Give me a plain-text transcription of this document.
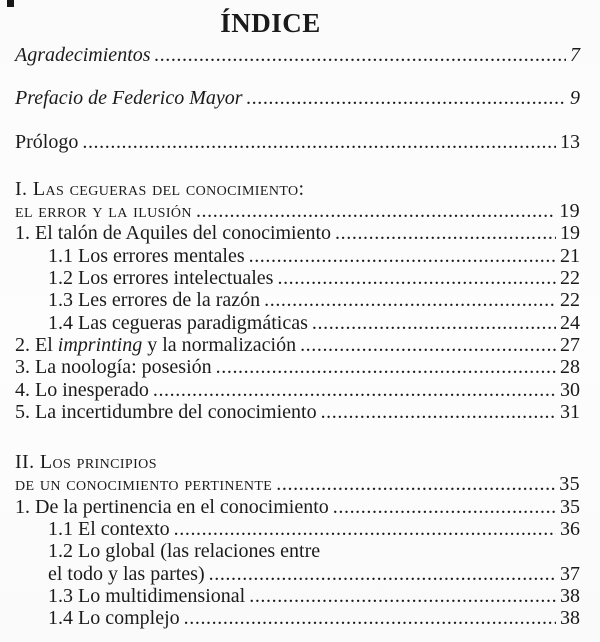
ÍNDICE
Agradecimientos .....	7
Prefacio de Federico Mayor .....	9
Prólogo .....	13
I. Las cegueras del conocimiento:
el error y la ilusión .....	19
1. El talón de Aquiles del conocimiento .....	19
1.1 Los errores mentales .....	21
1.2 Los errores intelectuales .....	22
1.3 Les errores de la razón .....	22
1.4 Las cegueras paradigmáticas .....	24
2. El imprinting y la normalización .....	27
3. La noología: posesión .....	28
4. Lo inesperado .....	30
5. La incertidumbre del conocimiento .....	31
II. Los principios
de un conocimiento pertinente .....	35
1. De la pertinencia en el conocimiento .....	35
1.1 El contexto .....	36
1.2 Lo global (las relaciones entre
el todo y las partes) .....	37
1.3 Lo multidimensional .....	38
1.4 Lo complejo .....	38
